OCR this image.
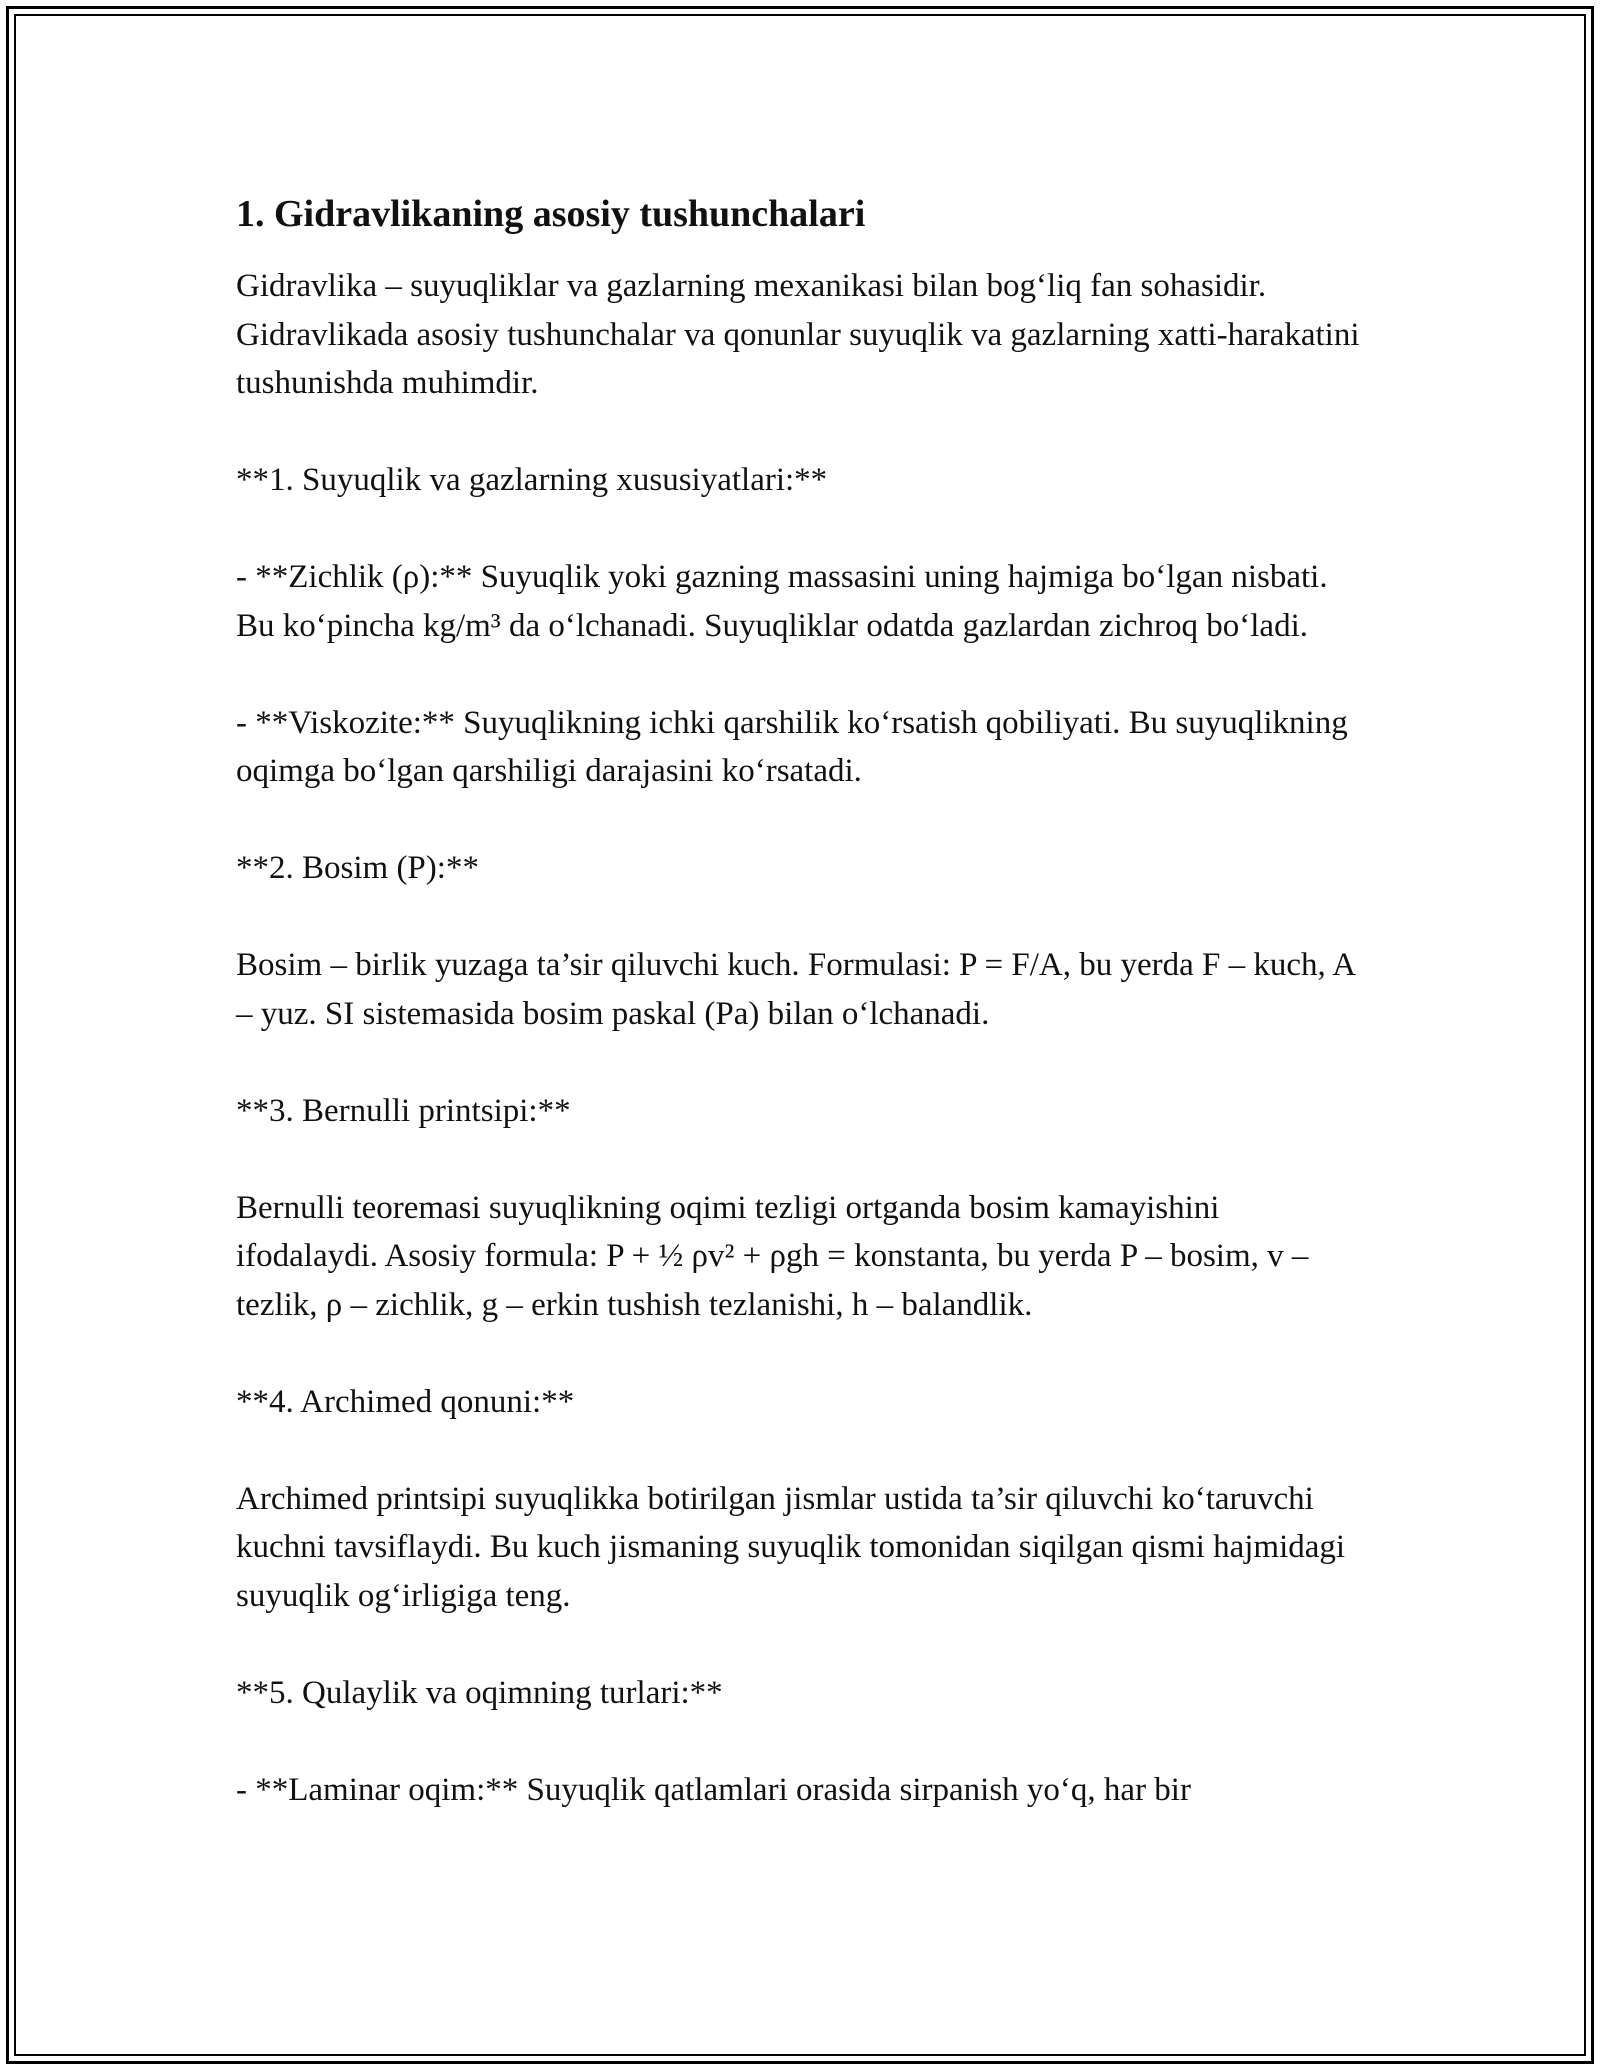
1. Gidravlikaning asosiy tushunchalari

Gidravlika – suyuqliklar va gazlarning mexanikasi bilan bog‘liq fan sohasidir. Gidravlikada asosiy tushunchalar va qonunlar suyuqlik va gazlarning xatti-harakatini tushunishda muhimdir.

**1. Suyuqlik va gazlarning xususiyatlari:**

- **Zichlik (ρ):** Suyuqlik yoki gazning massasini uning hajmiga bo‘lgan nisbati. Bu ko‘pincha kg/m³ da o‘lchanadi. Suyuqliklar odatda gazlardan zichroq bo‘ladi.

- **Viskozite:** Suyuqlikning ichki qarshilik ko‘rsatish qobiliyati. Bu suyuqlikning oqimga bo‘lgan qarshiligi darajasini ko‘rsatadi.

**2. Bosim (P):**

Bosim – birlik yuzaga ta’sir qiluvchi kuch. Formulasi: P = F/A, bu yerda F – kuch, A – yuz. SI sistemasida bosim paskal (Pa) bilan o‘lchanadi.

**3. Bernulli printsipi:**

Bernulli teoremasi suyuqlikning oqimi tezligi ortganda bosim kamayishini ifodalaydi. Asosiy formula: P + ½ ρv² + ρgh = konstanta, bu yerda P – bosim, v – tezlik, ρ – zichlik, g – erkin tushish tezlanishi, h – balandlik.

**4. Archimed qonuni:**

Archimed printsipi suyuqlikka botirilgan jismlar ustida ta’sir qiluvchi ko‘taruvchi kuchni tavsiflaydi. Bu kuch jismaning suyuqlik tomonidan siqilgan qismi hajmidagi suyuqlik og‘irligiga teng.

**5. Qulaylik va oqimning turlari:**

- **Laminar oqim:** Suyuqlik qatlamlari orasida sirpanish yo‘q, har bir
